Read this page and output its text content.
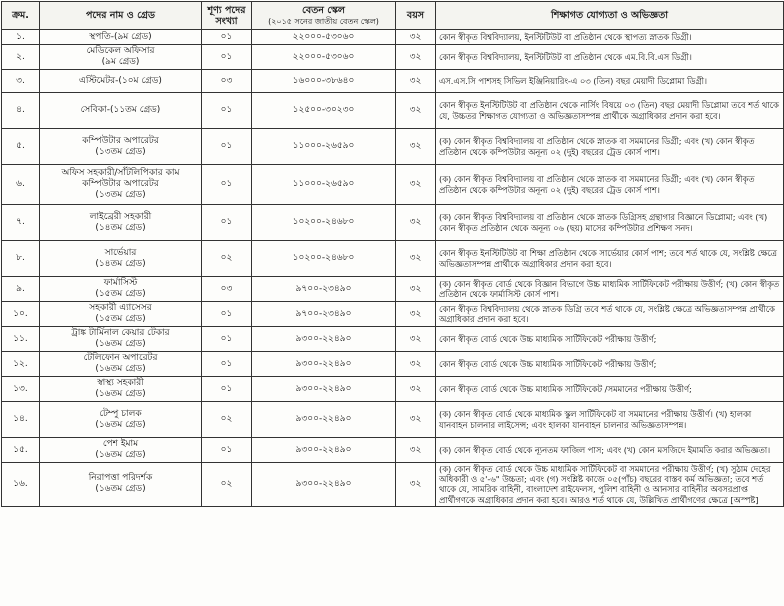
ক্রম.	পদের নাম ও গ্রেড	শূণ্য পদের সংখ্যা	বেতন স্কেল
(২০১৫ সনের জাতীয় বেতন স্কেল)	বয়স	শিক্ষাগত যোগ্যতা ও অভিজ্ঞতা
১.	স্থপতি-(৯ম গ্রেড)	০১	২২০০০-৫৩০৬০	৩২	কোন স্বীকৃত বিশ্ববিদ্যালয়, ইনস্টিটিউট বা প্রতিষ্ঠান থেকে স্থাপত্য স্নাতক ডিগ্রী।
২.	মেডিকেল অফিসার
(৯ম গ্রেড)	০১	২২০০০-৫৩০৬০	৩২	কোন স্বীকৃত বিশ্ববিদ্যালয়, ইনস্টিটিউট বা প্রতিষ্ঠান থেকে এম.বি.বি.এস ডিগ্রী।
৩.	এস্টিমেটর-(১০ম গ্রেড)	০৩	১৬০০০-৩৮৬৪০	৩২	এস.এস.সি পাশসহ সিভিল ইঞ্জিনিয়ারিং-এ ০৩ (তিন) বছর মেয়াদী ডিপ্লোমা ডিগ্রী।
৪.	সেবিকা-(১১তম গ্রেড)	০১	১২৫০০-৩০২৩০	৩২	কোন স্বীকৃত ইনস্টিটিউট বা প্রতিষ্ঠান থেকে নার্সিং বিষয়ে ০৩ (তিন) বছর মেয়াদী ডিপ্লোমা তবে শর্ত থাকে যে, উচ্চতর শিক্ষাগত যোগ্যতা ও অভিজ্ঞতাসম্পন্ন প্রার্থীকে অগ্রাধিকার প্রদান করা হবে।
৫.	কম্পিউটার অপারেটর
(১৩তম গ্রেড)	০১	১১০০০-২৬৫৯০	৩২	(ক) কোন স্বীকৃত বিশ্ববিদ্যালয় বা প্রতিষ্ঠান থেকে স্নাতক বা সমমানের ডিগ্রী; এবং (খ) কোন স্বীকৃত প্রতিষ্ঠান থেকে কম্পিউটার অনূন্য ০২ (দুই) বছরের ট্রেড কোর্স পাশ।
৬.	অফিস সহকারী/সাঁটলিপিকার কাম কম্পিউটার অপারেটর
(১৩তম গ্রেড)	০১	১১০০০-২৬৫৯০	৩২	(ক) কোন স্বীকৃত বিশ্ববিদ্যালয় বা প্রতিষ্ঠান থেকে স্নাতক বা সমমানের ডিগ্রী; এবং (খ) কোন স্বীকৃত প্রতিষ্ঠান থেকে কম্পিউটার অনূন্য ০২ (দুই) বছরের ট্রেড কোর্স পাশ।
৭.	লাইব্রেরী সহকারী
(১৪তম গ্রেড)	০১	১০২০০-২৪৬৮০	৩২	(ক) কোন স্বীকৃত বিশ্ববিদ্যালয় বা প্রতিষ্ঠান থেকে স্নাতক ডিগ্রিসহ গ্রন্থাগার বিজ্ঞানে ডিপ্লোমা; এবং (খ) কোন স্বীকৃত প্রতিষ্ঠান থেকে অনূন্য ০৬ (ছয়) মাসের কম্পিউটার প্রশিক্ষণ সনদ।
৮.	সার্ভেয়ার
(১৪তম গ্রেড)	০২	১০২০০-২৪৬৮০	৩২	কোন স্বীকৃত ইনস্টিটিউট বা শিক্ষা প্রতিষ্ঠান থেকে সার্ভেয়ার কোর্স পাশ; তবে শর্ত থাকে যে, সংশ্লিষ্ট ক্ষেত্রে অভিজ্ঞতাসম্পন্ন প্রার্থীকে অগ্রাধিকার প্রদান করা হবে।
৯.	ফার্মাসিস্ট
(১৫তম গ্রেড)	০৩	৯৭০০-২৩৪৯০	৩২	(ক) কোন স্বীকৃত বোর্ড থেকে বিজ্ঞান বিভাগে উচ্চ মাধ্যমিক সার্টিফিকেট পরীক্ষায় উত্তীর্ণ; (খ) কোন স্বীকৃত প্রতিষ্ঠান থেকে ফার্মাসিস্ট কোর্স পাশ।
১০.	সহকারী এ্যাসেসর
(১৫তম গ্রেড)	০১	৯৭০০-২৩৪৯০	৩২	কোন স্বীকৃত বিশ্ববিদ্যালয় থেকে স্নাতক ডিগ্রি তবে শর্ত থাকে যে, সংশ্লিষ্ট ক্ষেত্রে অভিজ্ঞতাসম্পন্ন প্রার্থীকে অগ্রাধিকার প্রদান করা হবে।
১১.	ট্রাঙ্ক টার্মিনাল কেয়ার টেকার
(১৬তম গ্রেড)	০১	৯৩০০-২২৪৯০	৩২	কোন স্বীকৃত বোর্ড থেকে উচ্চ মাধ্যমিক সার্টিফিকেট পরীক্ষায় উত্তীর্ণ;
১২.	টেলিফোন অপারেটর
(১৬তম গ্রেড)	০১	৯৩০০-২২৪৯০	৩২	কোন স্বীকৃত বোর্ড থেকে উচ্চ মাধ্যমিক সার্টিফিকেট পরীক্ষায় উত্তীর্ণ;
১৩.	স্বাস্থ্য সহকারী
(১৬তম গ্রেড)	০১	৯৩০০-২২৪৯০	৩২	কোন স্বীকৃত বোর্ড থেকে উচ্চ মাধ্যমিক সার্টিফিকেট /সমমানের পরীক্ষায় উত্তীর্ণ;
১৪.	টেম্পু চালক
(১৬তম গ্রেড)	০২	৯৩০০-২২৪৯০	৩২	(ক) কোন স্বীকৃত বোর্ড থেকে মাধ্যমিক স্কুল সার্টিফিকেট বা সমমানের পরীক্ষায় উত্তীর্ণ। (খ) হালকা যানবাহন চালনার লাইসেন্স; এবং হালকা যানবাহন চালনার অভিজ্ঞতাসম্পন্ন।
১৫.	পেশ ইমাম
(১৬তম গ্রেড)	০১	৯৩০০-২২৪৯০	৩২	(ক) কোন স্বীকৃত বোর্ড থেকে ন্যূনতম ফাজিল পাস; এবং (খ) কোন মসজিদে ইমামতি করার অভিজ্ঞতা।
১৬.	নিরাপত্তা পরিদর্শক
(১৬তম গ্রেড)	০২	৯৩০০-২২৪৯০	৩২	(ক) কোন স্বীকৃত বোর্ড থেকে উচ্চ মাধ্যমিক সার্টিফিকেট বা সমমানের পরীক্ষায় উত্তীর্ণ; (খ) সুঠাম দেহের অধিকারী ও ৫'-৬" উচ্চতা; এবং (গ) সংশ্লিষ্ট কাজে ০৫(পাঁচ) বছরের বাস্তব কর্ম অভিজ্ঞতা; তবে শর্ত থাকে যে, সামরিক বাহিনী, বাংলাদেশ রাইফেলস, পুলিশ বাহিনী ও আনসার বাহিনীর অবসরপ্রাপ্ত প্রার্থীগণকে অগ্রাধিকার প্রদান করা হবে। আরও শর্ত থাকে যে, উল্লিখিত প্রার্থীগণের ক্ষেত্রে [অস্পষ্ট]
